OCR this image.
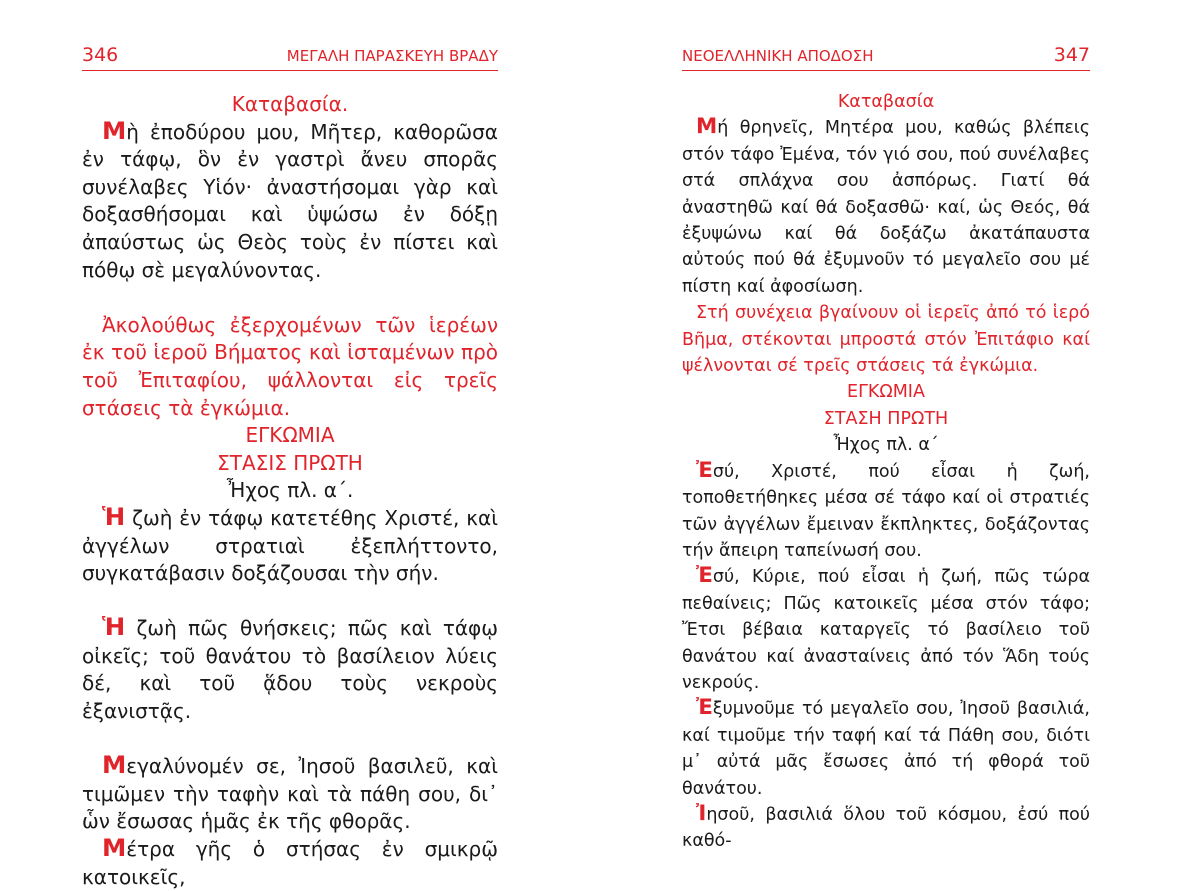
346	ΜΕΓΑΛΗ ΠΑΡΑΣΚΕΥΗ ΒΡΑΔΥ

Καταβασία.

Μὴ ἐποδύρου μου, Μῆτερ, καθορῶσα ἐν τάφῳ, ὃν ἐν γαστρὶ ἄνευ σπορᾶς συνέλαβες Υἱόν· ἀναστήσομαι γὰρ καὶ δοξασθήσομαι καὶ ὑψώσω ἐν δόξῃ ἀπαύστως ὡς Θεὸς τοὺς ἐν πίστει καὶ πόθῳ σὲ μεγαλύνοντας.

Ἀκολούθως ἐξερχομένων τῶν ἱερέων ἐκ τοῦ ἱεροῦ Βήματος καὶ ἱσταμένων πρὸ τοῦ Ἐπιταφίου, ψάλλονται εἰς τρεῖς στάσεις τὰ ἐγκώμια.

ΕΓΚΩΜΙΑ

ΣΤΑΣΙΣ ΠΡΩΤΗ

Ἦχος πλ. α΄.

Ἡ ζωὴ ἐν τάφῳ κατετέθης Χριστέ, καὶ ἀγγέλων στρατιαὶ ἐξεπλήττοντο, συγκατάβασιν δοξάζουσαι τὴν σήν.

Ἡ ζωὴ πῶς θνήσκεις; πῶς καὶ τάφῳ οἰκεῖς; τοῦ θανάτου τὸ βασίλειον λύεις δέ, καὶ τοῦ ᾅδου τοὺς νεκροὺς ἐξανιστᾷς.

Μεγαλύνομέν σε, Ἰησοῦ βασιλεῦ, καὶ τιμῶμεν τὴν ταφὴν καὶ τὰ πάθη σου, δι᾽ ὧν ἔσωσας ἡμᾶς ἐκ τῆς φθορᾶς.

Μέτρα γῆς ὁ στήσας ἐν σμικρῷ κατοικεῖς,

ΝΕΟΕΛΛΗΝΙΚΗ ΑΠΟΔΟΣΗ	347

Καταβασία

Μή θρηνεῖς, Μητέρα μου, καθώς βλέπεις στόν τάφο Ἐμένα, τόν γιό σου, πού συνέλαβες στά σπλάχνα σου ἀσπόρως. Γιατί θά ἀναστηθῶ καί θά δοξασθῶ· καί, ὡς Θεός, θά ἐξυψώνω καί θά δοξάζω ἀκατάπαυστα αὐτούς πού θά ἐξυμνοῦν τό μεγαλεῖο σου μέ πίστη καί ἀφοσίωση.

Στή συνέχεια βγαίνουν οἱ ἱερεῖς ἀπό τό ἱερό Βῆμα, στέκονται μπροστά στόν Ἐπιτάφιο καί ψέλνονται σέ τρεῖς στάσεις τά ἐγκώμια.

ΕΓΚΩΜΙΑ

ΣΤΑΣΗ ΠΡΩΤΗ

Ἦχος πλ. α΄

Ἐσύ, Χριστέ, πού εἶσαι ἡ ζωή, τοποθετήθηκες μέσα σέ τάφο καί οἱ στρατιές τῶν ἀγγέλων ἔμειναν ἔκπληκτες, δοξάζοντας τήν ἄπειρη ταπείνωσή σου.

Ἐσύ, Κύριε, πού εἶσαι ἡ ζωή, πῶς τώρα πεθαίνεις; Πῶς κατοικεῖς μέσα στόν τάφο; Ἔτσι βέβαια καταργεῖς τό βασίλειο τοῦ θανάτου καί ἀνασταίνεις ἀπό τόν Ἅδη τούς νεκρούς.

Ἐξυμνοῦμε τό μεγαλεῖο σου, Ἰησοῦ βασιλιά, καί τιμοῦμε τήν ταφή καί τά Πάθη σου, διότι μ᾽ αὐτά μᾶς ἔσωσες ἀπό τή φθορά τοῦ θανάτου.

Ἰησοῦ, βασιλιά ὅλου τοῦ κόσμου, ἐσύ πού καθό-
